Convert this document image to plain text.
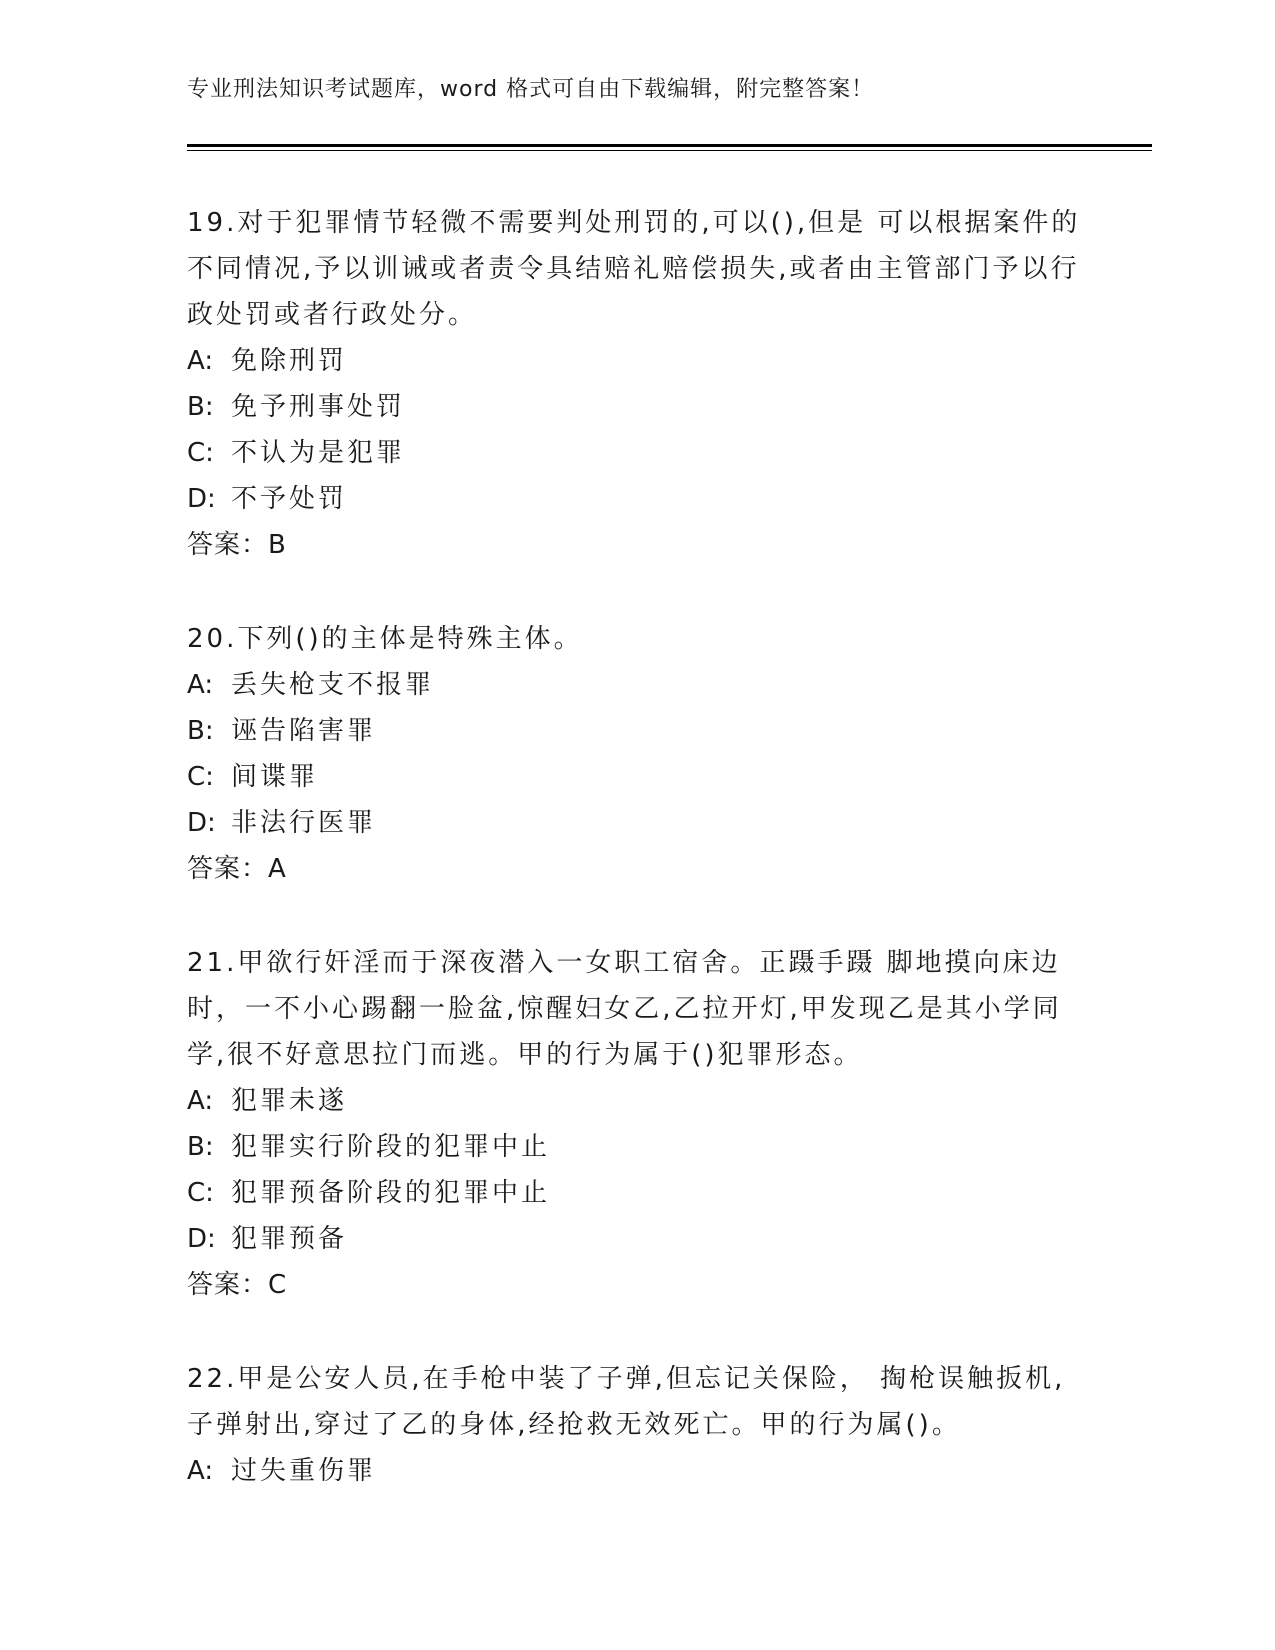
专业刑法知识考试题库，word 格式可自由下载编辑，附完整答案！

19.对于犯罪情节轻微不需要判处刑罚的,可以(),但是 可以根据案件的不同情况,予以训诫或者责令具结赔礼赔偿损失,或者由主管部门予以行政处罚或者行政处分。

A: 免除刑罚
B: 免予刑事处罚
C: 不认为是犯罪
D: 不予处罚
答案：B

20.下列()的主体是特殊主体。

A: 丢失枪支不报罪
B: 诬告陷害罪
C: 间谍罪
D: 非法行医罪
答案：A

21.甲欲行奸淫而于深夜潜入一女职工宿舍。正蹑手蹑 脚地摸向床边时，一不小心踢翻一脸盆,惊醒妇女乙,乙拉开灯,甲发现乙是其小学同学,很不好意思拉门而逃。甲的行为属于()犯罪形态。

A: 犯罪未遂
B: 犯罪实行阶段的犯罪中止
C: 犯罪预备阶段的犯罪中止
D: 犯罪预备
答案：C

22.甲是公安人员,在手枪中装了子弹,但忘记关保险， 掏枪误触扳机,子弹射出,穿过了乙的身体,经抢救无效死亡。甲的行为属()。

A: 过失重伤罪
